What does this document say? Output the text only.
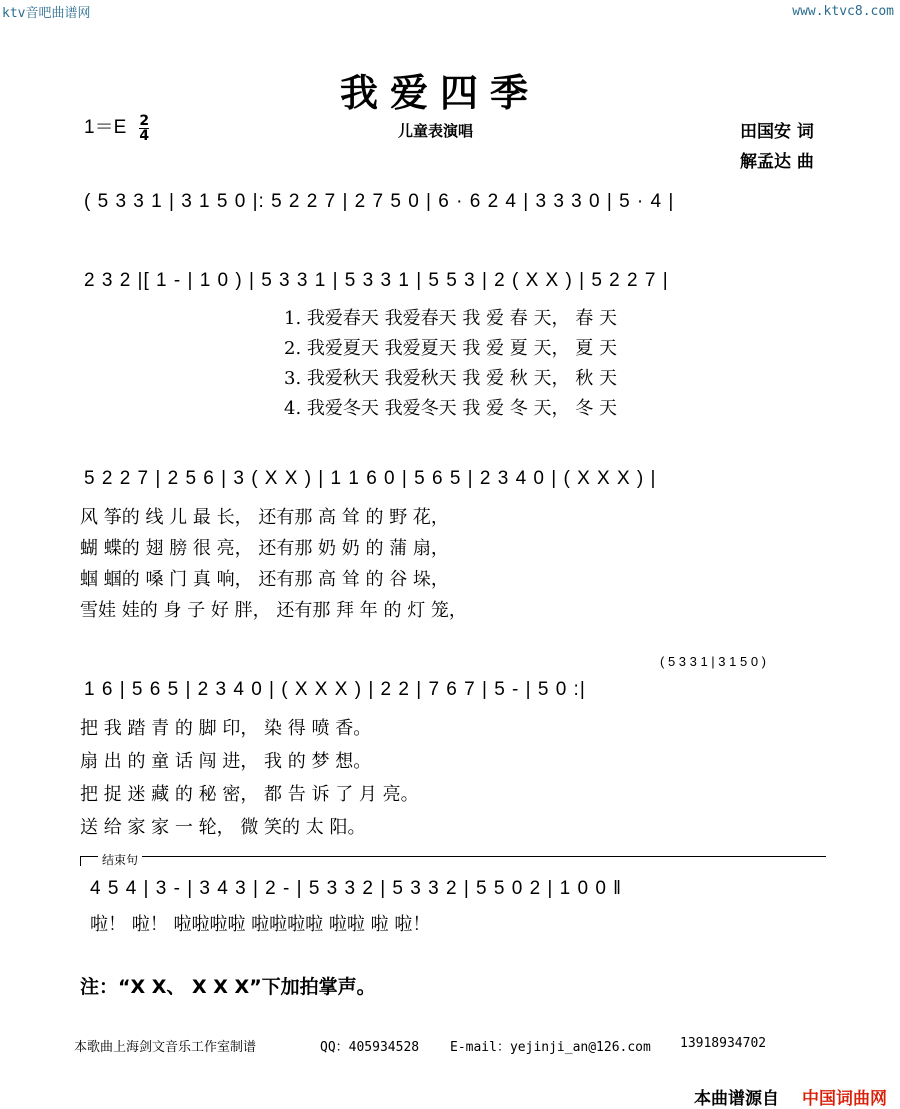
ktv音吧曲谱网	www.ktvc8.com
我爱四季
$1=E \frac{2}{4}$	儿童表演唱	田国安 词
解孟达 曲
( 5 3 3 1 | 3 1 5 0 |: 5 2 2 7 | 2 7 5 0 | 6 · 6 2 4 | 3 3 3 0 | 5 · 4 |
2 3 2 |[ 1 - | 1 0 ) | 5 3 3 1 | 5 3 3 1 | 5 5 3 | 2 ( X X ) | 5 2 2 7 |
1. 我爱春天 我爱春天 我 爱 春 天， 春 天
2. 我爱夏天 我爱夏天 我 爱 夏 天， 夏 天
3. 我爱秋天 我爱秋天 我 爱 秋 天， 秋 天
4. 我爱冬天 我爱冬天 我 爱 冬 天， 冬 天
5 2 2 7 | 2 5 6 | 3 ( X X ) | 1 1 6 0 | 5 6 5 | 2 3 4 0 | ( X X X ) |
风 筝的 线 儿 最 长， 还有那 高 耸 的 野 花，
蝴 蝶的 翅 膀 很 亮， 还有那 奶 奶 的 蒲 扇，
蝈 蝈的 嗓 门 真 响， 还有那 高 耸 的 谷 垛，
雪娃 娃的 身 子 好 胖， 还有那 拜 年 的 灯 笼，
( 5 3 3 1 | 3 1 5 0 )
1 6 | 5 6 5 | 2 3 4 0 | ( X X X ) | 2 2 | 7 6 7 | 5 - | 5 0 :|
把 我 踏 青 的 脚 印， 染 得 喷 香。
扇 出 的 童 话 闯 进， 我 的 梦 想。
把 捉 迷 藏 的 秘 密， 都 告 诉 了 月 亮。
送 给 家 家 一 轮， 微 笑的 太 阳。
结束句
4 5 4 | 3 - | 3 4 3 | 2 - | 5 3 3 2 | 5 3 3 2 | 5 5 0 2 | 1 0 0 ‖
啦！ 啦！ 啦啦啦啦 啦啦啦啦 啦啦 啦 啦！
注：“X X、 X X X”下加拍掌声。
本歌曲上海剑文音乐工作室制谱	QQ：405934528 E-mail：yejinji_an@126.com 13918934702
本曲谱源自 中国词曲网
